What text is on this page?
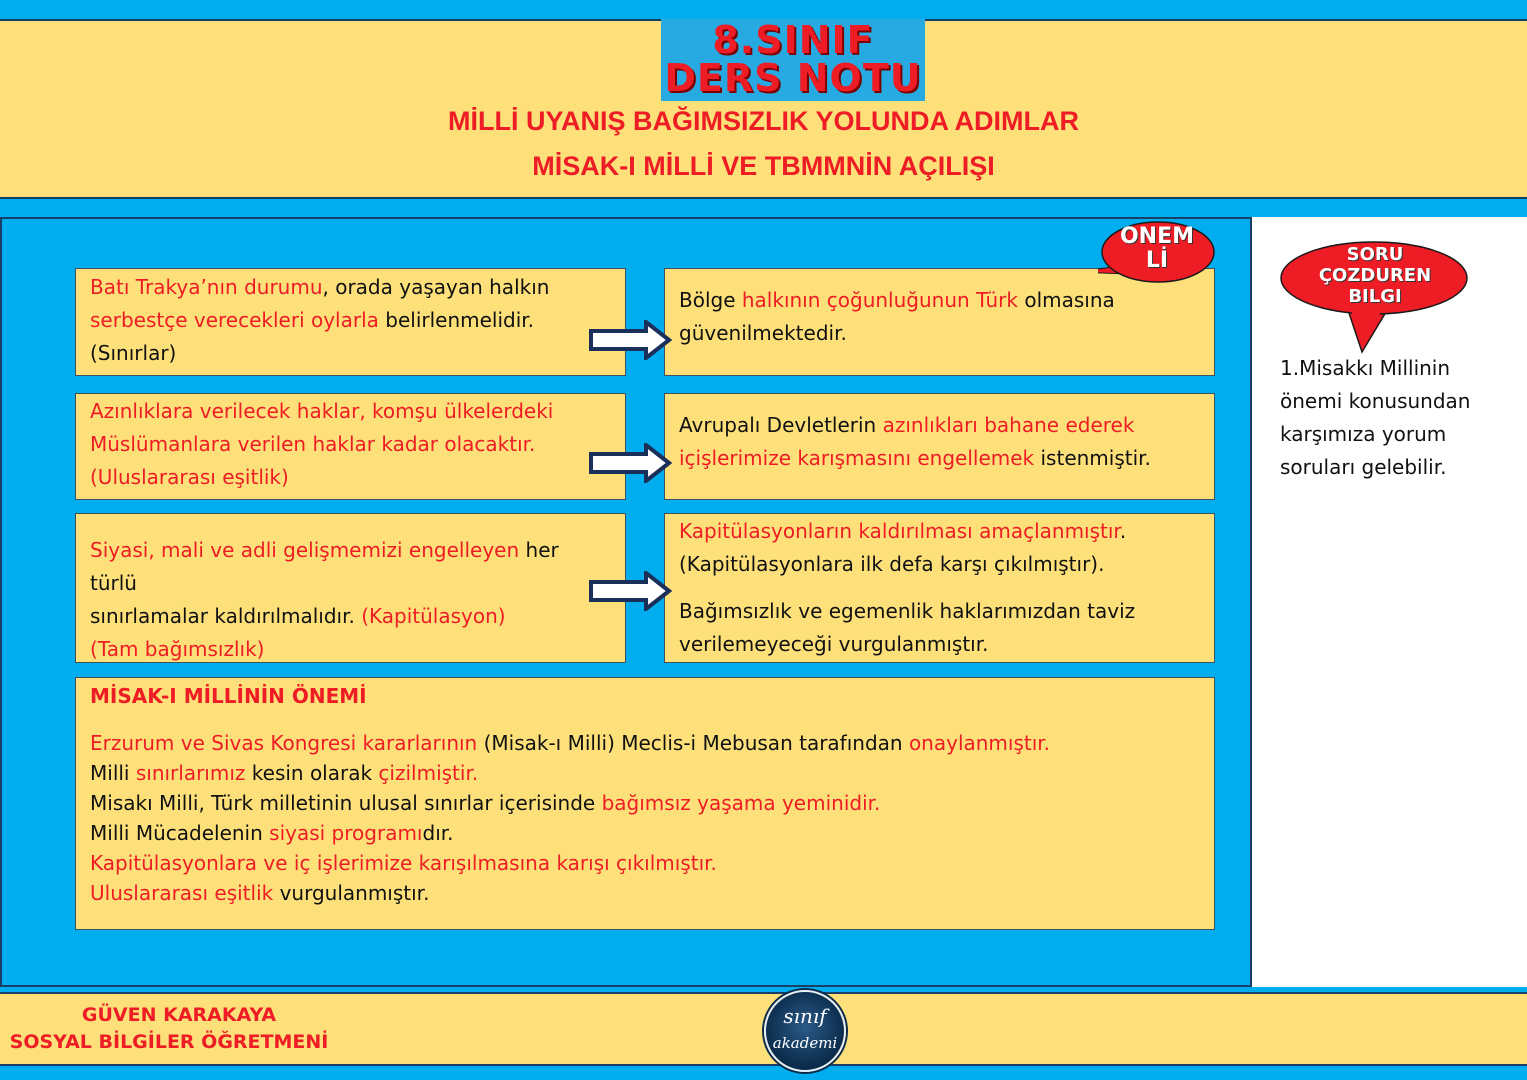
8.SINIF
DERS NOTU
MİLLİ UYANIŞ BAĞIMSIZLIK YOLUNDA ADIMLAR
MİSAK-I MİLLİ VE TBMMNİN AÇILIŞI

Batı Trakya’nın durumu, orada yaşayan halkın

serbestçe verecekleri oylarla belirlenmelidir.

(Sınırlar)

Bölge halkının çoğunluğunun Türk olmasına

güvenilmektedir.

Azınlıklara verilecek haklar, komşu ülkelerdeki

Müslümanlara verilen haklar kadar olacaktır.

(Uluslararası eşitlik)

Avrupalı Devletlerin azınlıkları bahane ederek

içişlerimize karışmasını engellemek istenmiştir.

Siyasi, mali ve adli gelişmemizi engelleyen her türlü

sınırlamalar kaldırılmalıdır. (Kapitülasyon)

(Tam bağımsızlık)

Kapitülasyonların kaldırılması amaçlanmıştır.

(Kapitülasyonlara ilk defa karşı çıkılmıştır).

Bağımsızlık ve egemenlik haklarımızdan taviz

verilemeyeceği vurgulanmıştır.

ONEM
Lİ	SORU
ÇOZDUREN
BILGI
1.Misakkı Millinin önemi konusundan karşımıza yorum soruları gelebilir.

MİSAK-I MİLLİNİN ÖNEMİ

Erzurum ve Sivas Kongresi kararlarının (Misak-ı Milli) Meclis-i Mebusan tarafından onaylanmıştır.

Milli sınırlarımız kesin olarak çizilmiştir.

Misakı Milli, Türk milletinin ulusal sınırlar içerisinde bağımsız yaşama yeminidir.

Milli Mücadelenin siyasi programıdır.

Kapitülasyonlara ve iç işlerimize karışılmasına karışı çıkılmıştır.

Uluslararası eşitlik vurgulanmıştır.

GÜVEN KARAKAYA
SOSYAL BİLGİLER ÖĞRETMENİ
sınıf
akademi
